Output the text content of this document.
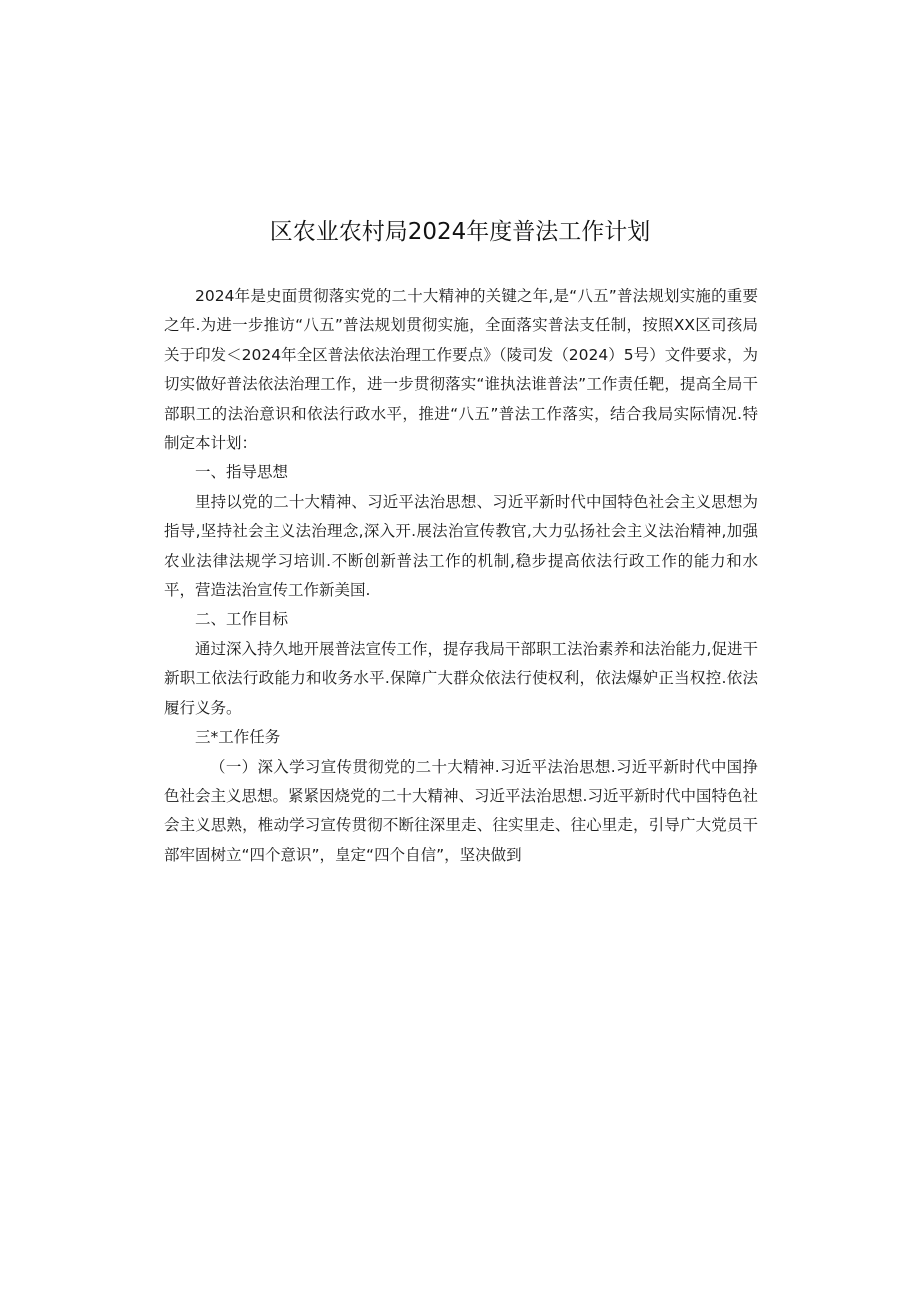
区农业农村局2024年度普法工作计划

2024年是史面贯彻落实党的二十大精神的关键之年,是“八五”普法规划实施的重要之年.为进一步推访“八五”普法规划贯彻实施，全面落实普法支任制，按照XX区司孩局关于印发＜2024年全区普法依法治理工作要点》（陵司发（2024）5号）文件要求，为切实做好普法依法治理工作，进一步贯彻落实“谁执法谁普法”工作责任靶，提高全局干部职工的法治意识和依法行政水平，推进“八五”普法工作落实，结合我局实际情况.特制定本计划：

一、指导思想

里持以党的二十大精神、习近平法治思想、习近平新时代中国特色社会主义思想为指导,坚持社会主义法治理念,深入开.展法治宣传教官,大力弘扬社会主义法治精神,加强农业法律法规学习培训.不断创新普法工作的机制,稳步提高依法行政工作的能力和水平，营造法治宣传工作新美国.

二、工作目标

通过深入持久地开展普法宣传工作，提存我局干部职工法治素养和法治能力,促进干新职工依法行政能力和收务水平.保障广大群众依法行使权利，依法爆妒正当权控.依法履行义务。

三*工作任务

（一）深入学习宣传贯彻党的二十大精神.习近平法治思想.习近平新时代中国挣色社会主义思想。紧紧因烧党的二十大精神、习近平法治思想.习近平新时代中国特色社会主义思熟，椎动学习宣传贯彻不断往深里走、往实里走、往心里走，引导广大党员干部牢固树立“四个意识”，皇定“四个自信”，坚决做到
